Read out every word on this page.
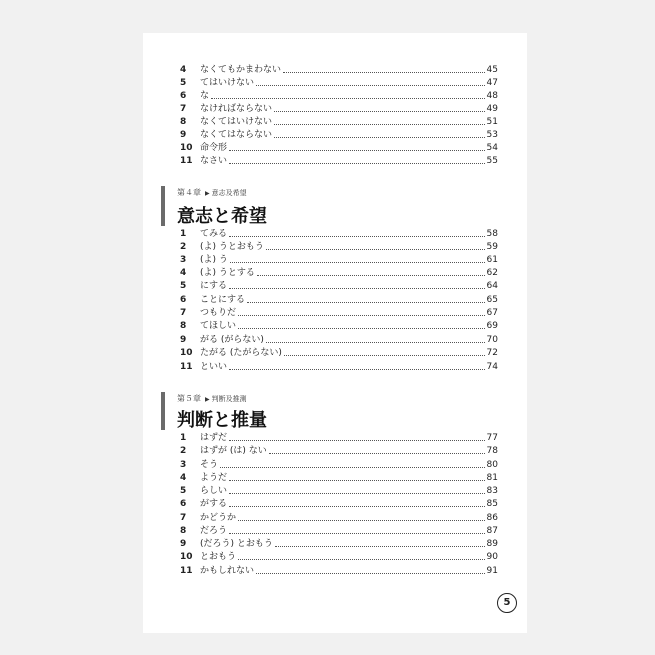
4	なくてもかまわない	45
5	てはいけない	47
6	な	48
7	なければならない	49
8	なくてはいけない	51
9	なくてはならない	53
10 命令形	54
11 なさい	55
第４章 ▶ 意志及希望
意志と希望
1	てみる	58
2	(よ) うとおもう	59
3	(よ) う	61
4	(よ) うとする	62
5	にする	64
6	ことにする	65
7	つもりだ	67
8	てほしい	69
9	がる (がらない)	70
10 たがる (たがらない)	72
11 といい	74
第５章 ▶ 判断及推測
判断と推量
1	はずだ	77
2	はずが (は) ない	78
3	そう	80
4	ようだ	81
5	らしい	83
6	がする	85
7	かどうか	86
8	だろう	87
9	(だろう) とおもう	89
10 とおもう	90
11 かもしれない	91
5
